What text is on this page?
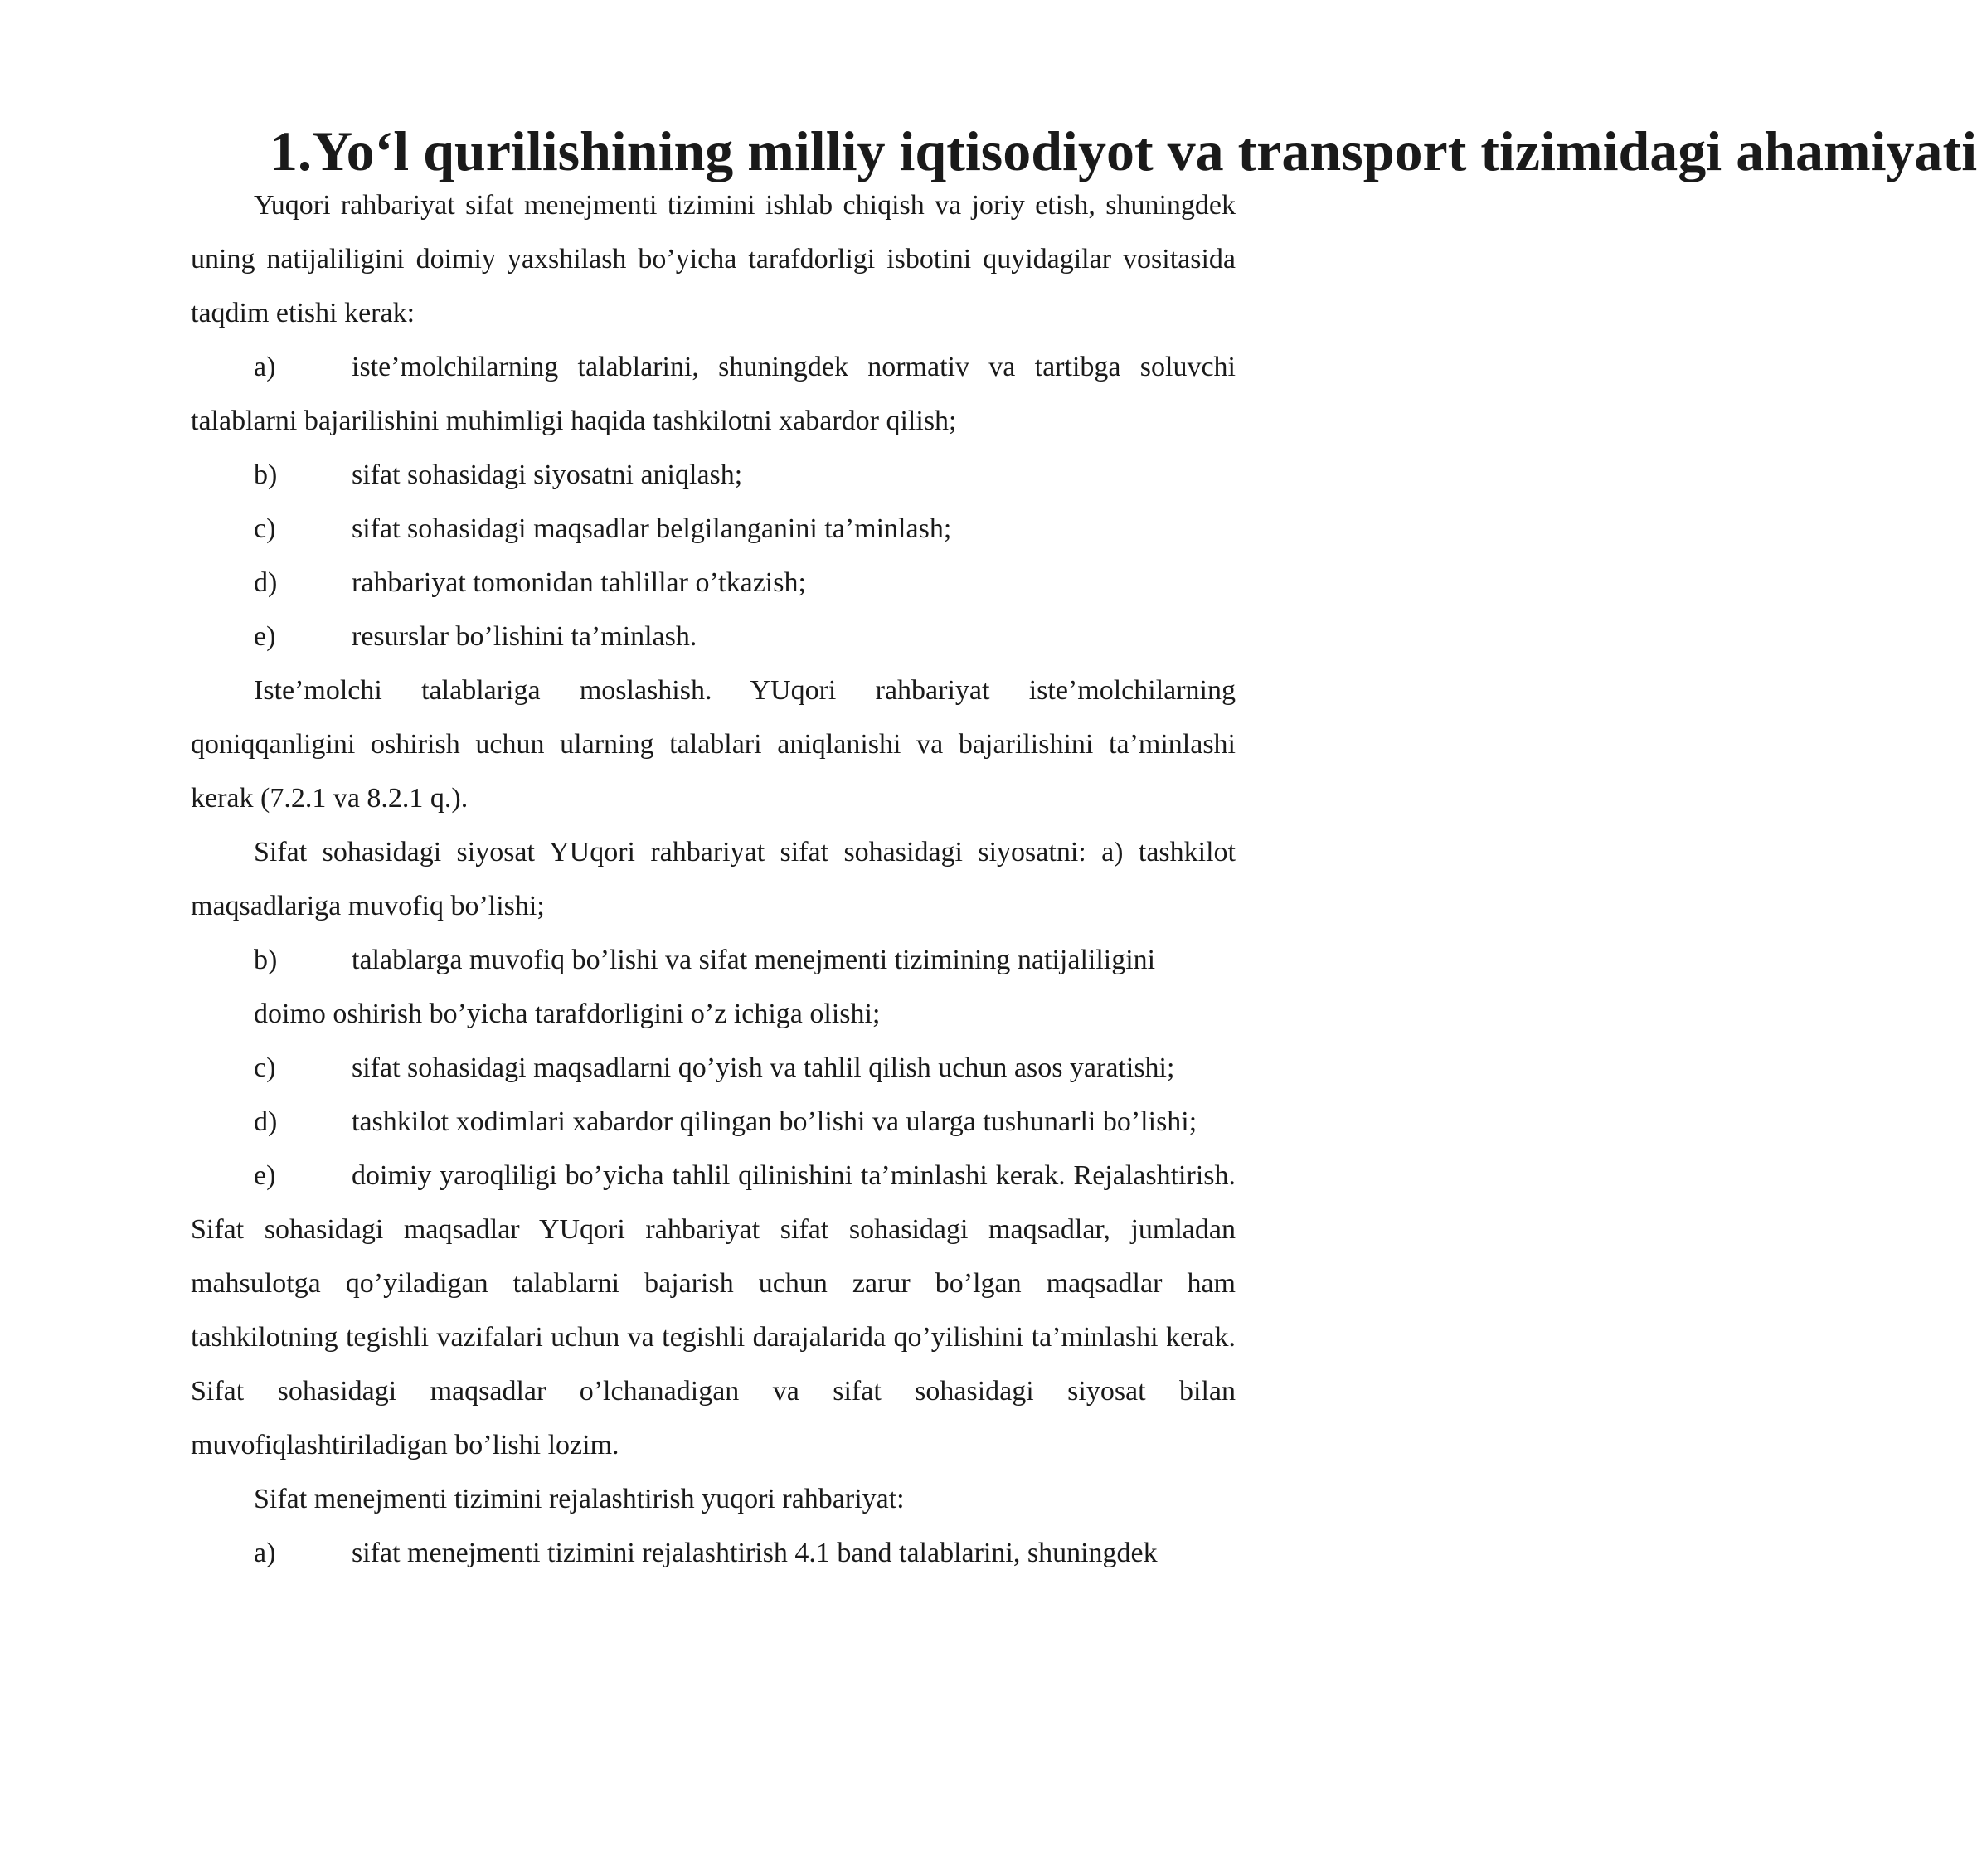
1.Yo‘l qurilishining milliy iqtisodiyot va transport tizimidagi ahamiyati

Yuqori rahbariyat sifat menejmenti tizimini ishlab chiqish va joriy etish, shuningdek uning natijaliligini doimiy yaxshilash bo’yicha tarafdorligi isbotini quyidagilar vositasida taqdim etishi kerak:

a)	iste’molchilarning talablarini, shuningdek normativ va tartibga soluvchi talablarni bajarilishini muhimligi haqida tashkilotni xabardor qilish;

b)	sifat sohasidagi siyosatni aniqlash;

c)	sifat sohasidagi maqsadlar belgilanganini ta’minlash;

d)	rahbariyat tomonidan tahlillar o’tkazish;

e)	resurslar bo’lishini ta’minlash.

Iste’molchi talablariga moslashish. YUqori rahbariyat iste’molchilarning qoniqqanligini oshirish uchun ularning talablari aniqlanishi va bajarilishini ta’minlashi kerak (7.2.1 va 8.2.1 q.).

Sifat sohasidagi siyosat YUqori rahbariyat sifat sohasidagi siyosatni: a) tashkilot maqsadlariga muvofiq bo’lishi;

b)	talablarga muvofiq bo’lishi va sifat menejmenti tizimining natijaliligini

doimo oshirish bo’yicha tarafdorligini o’z ichiga olishi;

c)	sifat sohasidagi maqsadlarni qo’yish va tahlil qilish uchun asos yaratishi;

d)	tashkilot xodimlari xabardor qilingan bo’lishi va ularga tushunarli bo’lishi;

e)	doimiy yaroqliligi bo’yicha tahlil qilinishini ta’minlashi kerak. Rejalashtirish. Sifat sohasidagi maqsadlar YUqori rahbariyat sifat sohasidagi maqsadlar, jumladan mahsulotga qo’yiladigan talablarni bajarish uchun zarur bo’lgan maqsadlar ham tashkilotning tegishli vazifalari uchun va tegishli darajalarida qo’yilishini ta’minlashi kerak. Sifat sohasidagi maqsadlar o’lchanadigan va sifat sohasidagi siyosat bilan muvofiqlashtiriladigan bo’lishi lozim.

Sifat menejmenti tizimini rejalashtirish yuqori rahbariyat:

a)	sifat menejmenti tizimini rejalashtirish 4.1 band talablarini, shuningdek
